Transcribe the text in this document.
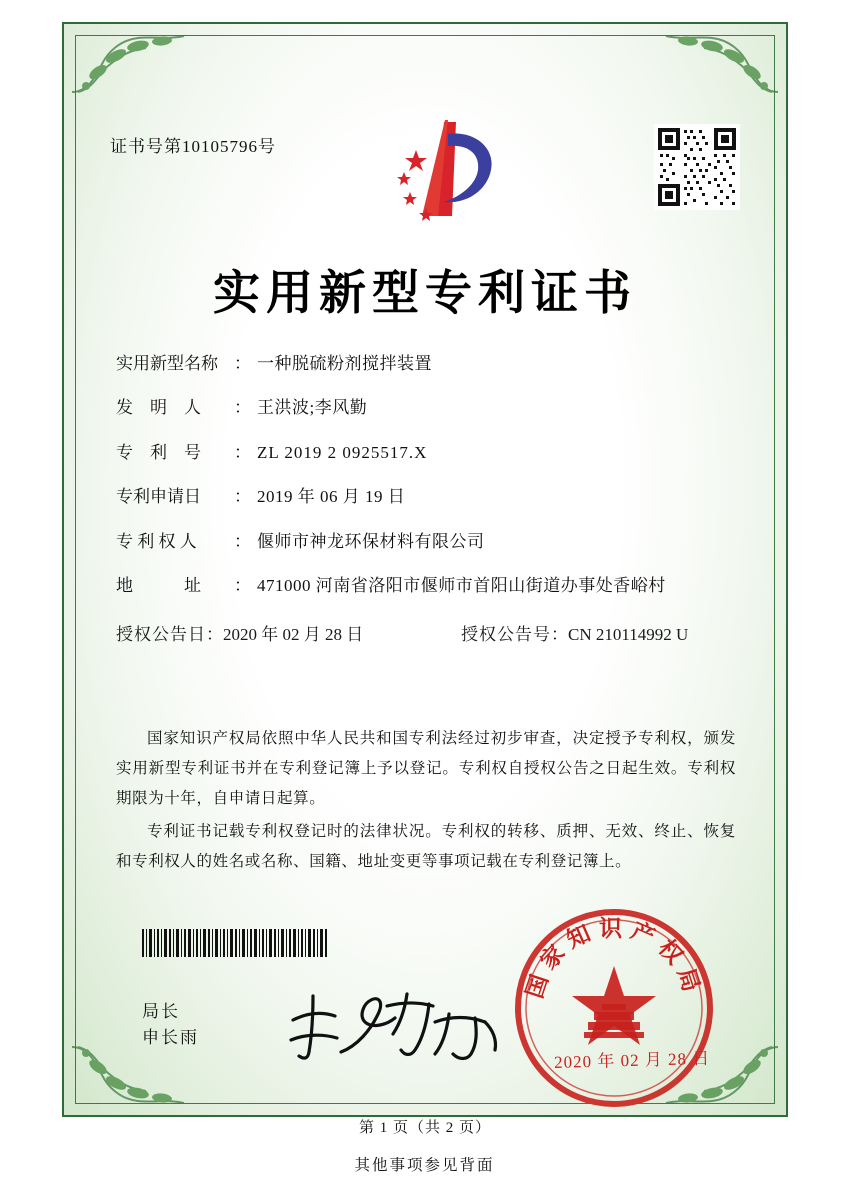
证书号第10105796号
实用新型专利证书
实用新型名称 ： 一种脱硫粉剂搅拌装置
发　明　人	： 王洪波;李风勤
专　利　号	： ZL 2019 2 0925517.X
专利申请日	： 2019 年 06 月 19 日
专 利 权 人	： 偃师市神龙环保材料有限公司
地　　　址	： 471000 河南省洛阳市偃师市首阳山街道办事处香峪村
授权公告日 ： 2020 年 02 月 28 日	授权公告号 ： CN 210114992 U

国家知识产权局依照中华人民共和国专利法经过初步审查，决定授予专利权，颁发实用新型专利证书并在专利登记簿上予以登记。专利权自授权公告之日起生效。专利权期限为十年，自申请日起算。

专利证书记载专利权登记时的法律状况。专利权的转移、质押、无效、终止、恢复和专利权人的姓名或名称、国籍、地址变更等事项记载在专利登记簿上。

局长
申长雨
国家知识产权局
2020 年 02 月 28 日
第 1 页（共 2 页）
其他事项参见背面
